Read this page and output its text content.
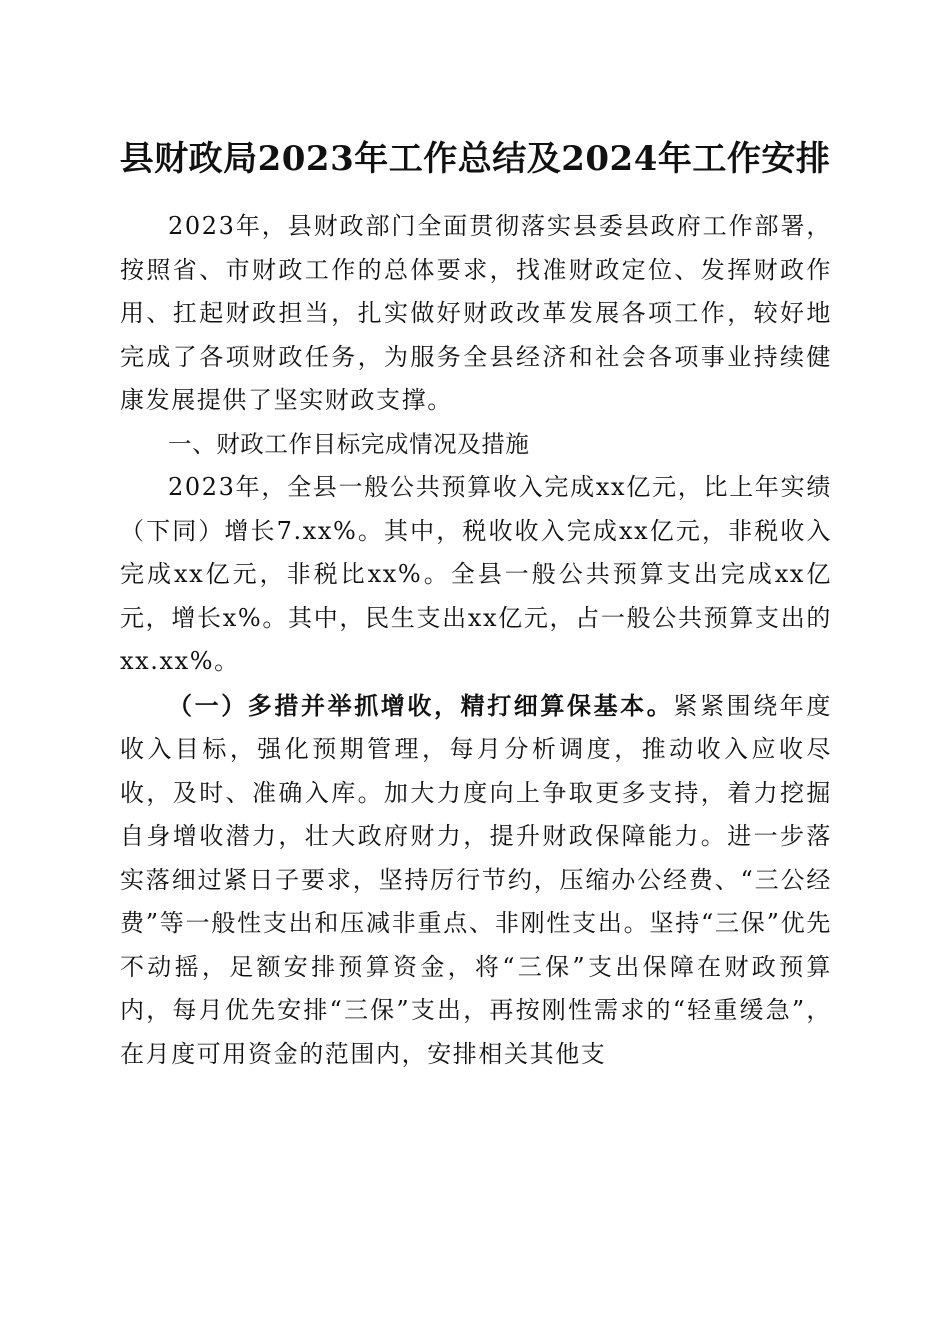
县财政局2023年工作总结及2024年工作安排

2023年，县财政部门全面贯彻落实县委县政府工作部署，按照省、市财政工作的总体要求，找准财政定位、发挥财政作用、扛起财政担当，扎实做好财政改革发展各项工作，较好地完成了各项财政任务，为服务全县经济和社会各项事业持续健康发展提供了坚实财政支撑。

一、财政工作目标完成情况及措施

2023年，全县一般公共预算收入完成xx亿元，比上年实绩（下同）增长7.xx%。其中，税收收入完成xx亿元，非税收入完成xx亿元，非税比xx%。全县一般公共预算支出完成xx亿元，增长x%。其中，民生支出xx亿元，占一般公共预算支出的xx.xx%。

（一）多措并举抓增收，精打细算保基本。紧紧围绕年度收入目标，强化预期管理，每月分析调度，推动收入应收尽收，及时、准确入库。加大力度向上争取更多支持，着力挖掘自身增收潜力，壮大政府财力，提升财政保障能力。进一步落实落细过紧日子要求，坚持厉行节约，压缩办公经费、“三公经费”等一般性支出和压减非重点、非刚性支出。坚持“三保”优先不动摇，足额安排预算资金，将“三保”支出保障在财政预算内，每月优先安排“三保”支出，再按刚性需求的“轻重缓急”，在月度可用资金的范围内，安排相关其他支
